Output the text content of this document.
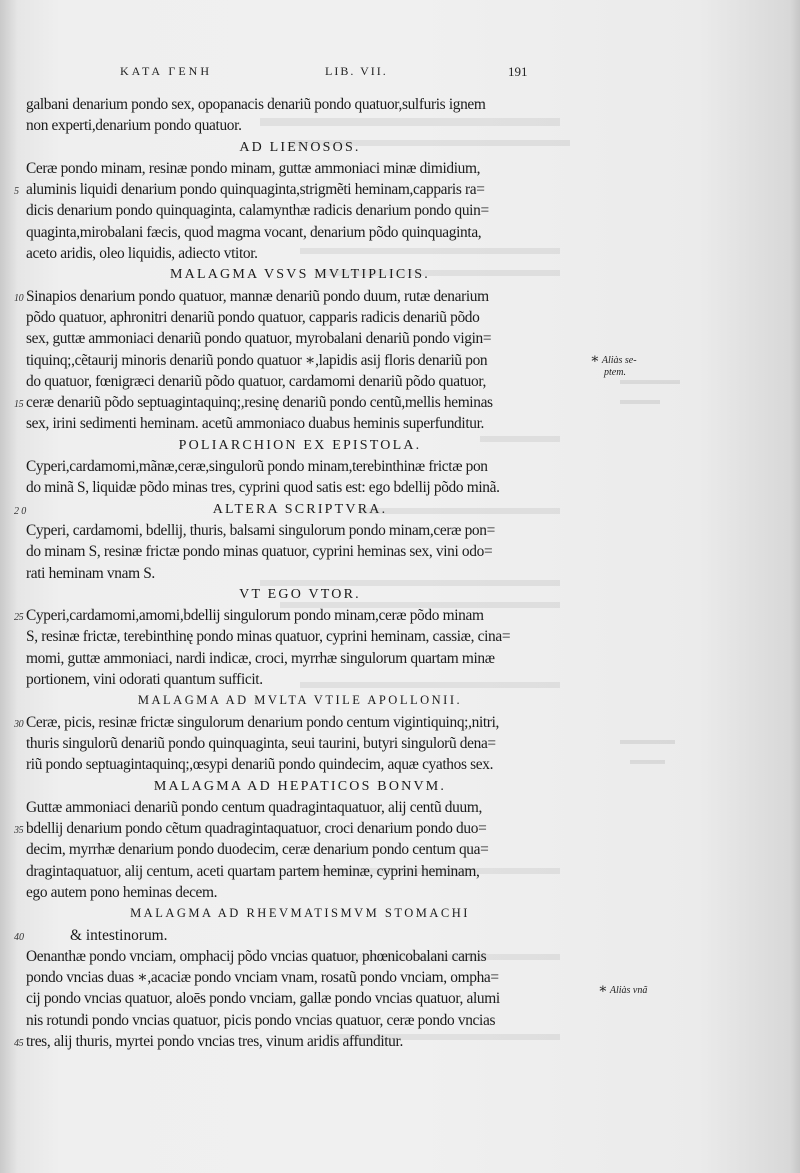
ΚΑΤΑ ΓΕΝΗ	LIB. VII.	191
galbani denarium pondo sex, opopanacis denariũ pondo quatuor,sulfuris ignem
non experti,denarium pondo quatuor.
AD LIENOSOS.
Ceræ pondo minam, resinæ pondo minam, guttæ ammoniaci minæ dimidium,
aluminis liquidi denarium pondo quinquaginta,strigmẽti heminam,capparis ra=
5
dicis denarium pondo quinquaginta, calamynthæ radicis denarium pondo quin=
quaginta,mirobalani fæcis, quod magma vocant, denarium põdo quinquaginta,
aceto aridis, oleo liquidis, adiecto vtitor.
MALAGMA VSVS MVLTIPLICIS.
Sinapios denarium pondo quatuor, mannæ denariũ pondo duum, rutæ denarium
10
põdo quatuor, aphronitri denariũ pondo quatuor, capparis radicis denariũ põdo
sex, guttæ ammoniaci denariũ pondo quatuor, myrobalani denariũ pondo vigin=
tiquinq;,cẽtaurij minoris denariũ pondo quatuor ∗,lapidis asij floris denariũ pon
do quatuor, fœnigræci denariũ põdo quatuor, cardamomi denariũ põdo quatuor,
ceræ denariũ põdo septuagintaquinq;,resinę denariũ pondo centũ,mellis heminas
15
sex, irini sedimenti heminam. acetũ ammoniaco duabus heminis superfunditur.
POLIARCHION EX EPISTOLA.
Cyperi,cardamomi,mãnæ,ceræ,singulorũ pondo minam,terebinthinæ frictæ pon
do minã S, liquidæ põdo minas tres, cyprini quod satis est: ego bdellij põdo minã.
ALTERA SCRIPTVRA.
20
Cyperi, cardamomi, bdellij, thuris, balsami singulorum pondo minam,ceræ pon=
do minam S, resinæ frictæ pondo minas quatuor, cyprini heminas sex, vini odo=
rati heminam vnam S.
VT EGO VTOR.
Cyperi,cardamomi,amomi,bdellij singulorum pondo minam,ceræ põdo minam
25
S, resinæ frictæ, terebinthinę pondo minas quatuor, cyprini heminam, cassiæ, cina=
momi, guttæ ammoniaci, nardi indicæ, croci, myrrhæ singulorum quartam minæ
portionem, vini odorati quantum sufficit.
MALAGMA AD MVLTA VTILE APOLLONII.
Ceræ, picis, resinæ frictæ singulorum denarium pondo centum vigintiquinq;,nitri,
30
thuris singulorũ denariũ pondo quinquaginta, seui taurini, butyri singulorũ dena=
riũ pondo septuagintaquinq;,œsypi denariũ pondo quindecim, aquæ cyathos sex.
MALAGMA AD HEPATICOS BONVM.
Guttæ ammoniaci denariũ pondo centum quadragintaquatuor, alij centũ duum,
bdellij denarium pondo cẽtum quadragintaquatuor, croci denarium pondo duo=
35
decim, myrrhæ denarium pondo duodecim, ceræ denarium pondo centum qua=
dragintaquatuor, alij centum, aceti quartam partem heminæ, cyprini heminam,
ego autem pono heminas decem.
MALAGMA AD RHEVMATISMVM STOMACHI
& intestinorum.
40
Oenanthæ pondo vnciam, omphacij põdo vncias quatuor, phœnicobalani carnis
pondo vncias duas ∗,acaciæ pondo vnciam vnam, rosatũ pondo vnciam, ompha=
cij pondo vncias quatuor, aloēs pondo vnciam, gallæ pondo vncias quatuor, alumi
nis rotundi pondo vncias quatuor, picis pondo vncias quatuor, ceræ pondo vncias
tres, alij thuris, myrtei pondo vncias tres, vinum aridis affunditur.
45
∗ Aliàs se-
ptem.
∗ Aliàs vnã
